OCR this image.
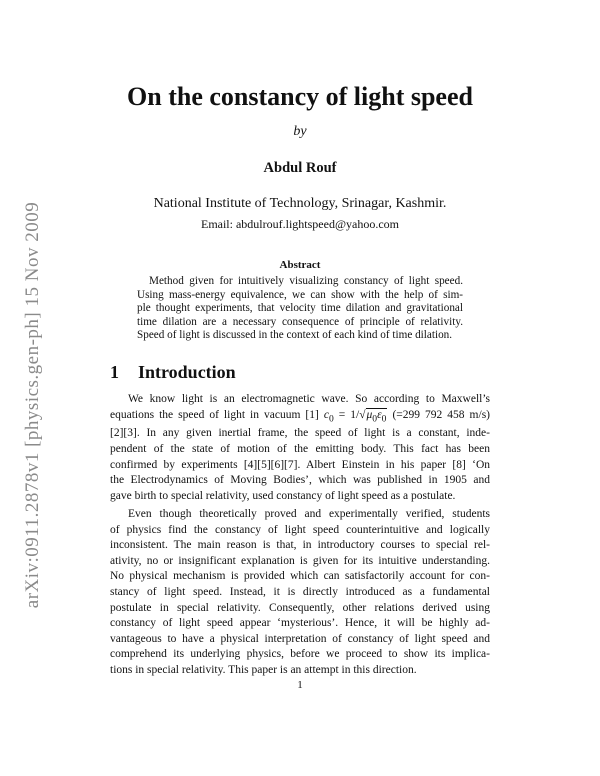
arXiv:0911.2878v1 [physics.gen-ph] 15 Nov 2009
On the constancy of light speed
by
Abdul Rouf
National Institute of Technology, Srinagar, Kashmir.
Email: abdulrouf.lightspeed@yahoo.com
Abstract
Method given for intuitively visualizing constancy of light speed.
Using mass-energy equivalence, we can show with the help of sim-
ple thought experiments, that velocity time dilation and gravitational
time dilation are a necessary consequence of principle of relativity.
Speed of light is discussed in the context of each kind of time dilation.
1 Introduction
We know light is an electromagnetic wave. So according to Maxwell’s
equations the speed of light in vacuum [1] $c_0 = 1/√\mu_0\varepsilon_0$ (=299 792 458 m/s)
[2][3]. In any given inertial frame, the speed of light is a constant, inde-
pendent of the state of motion of the emitting body. This fact has been
confirmed by experiments [4][5][6][7]. Albert Einstein in his paper [8] ‘On
the Electrodynamics of Moving Bodies’, which was published in 1905 and
gave birth to special relativity, used constancy of light speed as a postulate.
Even though theoretically proved and experimentally verified, students
of physics find the constancy of light speed counterintuitive and logically
inconsistent. The main reason is that, in introductory courses to special rel-
ativity, no or insignificant explanation is given for its intuitive understanding.
No physical mechanism is provided which can satisfactorily account for con-
stancy of light speed. Instead, it is directly introduced as a fundamental
postulate in special relativity. Consequently, other relations derived using
constancy of light speed appear ‘mysterious’. Hence, it will be highly ad-
vantageous to have a physical interpretation of constancy of light speed and
comprehend its underlying physics, before we proceed to show its implica-
tions in special relativity. This paper is an attempt in this direction.
1
